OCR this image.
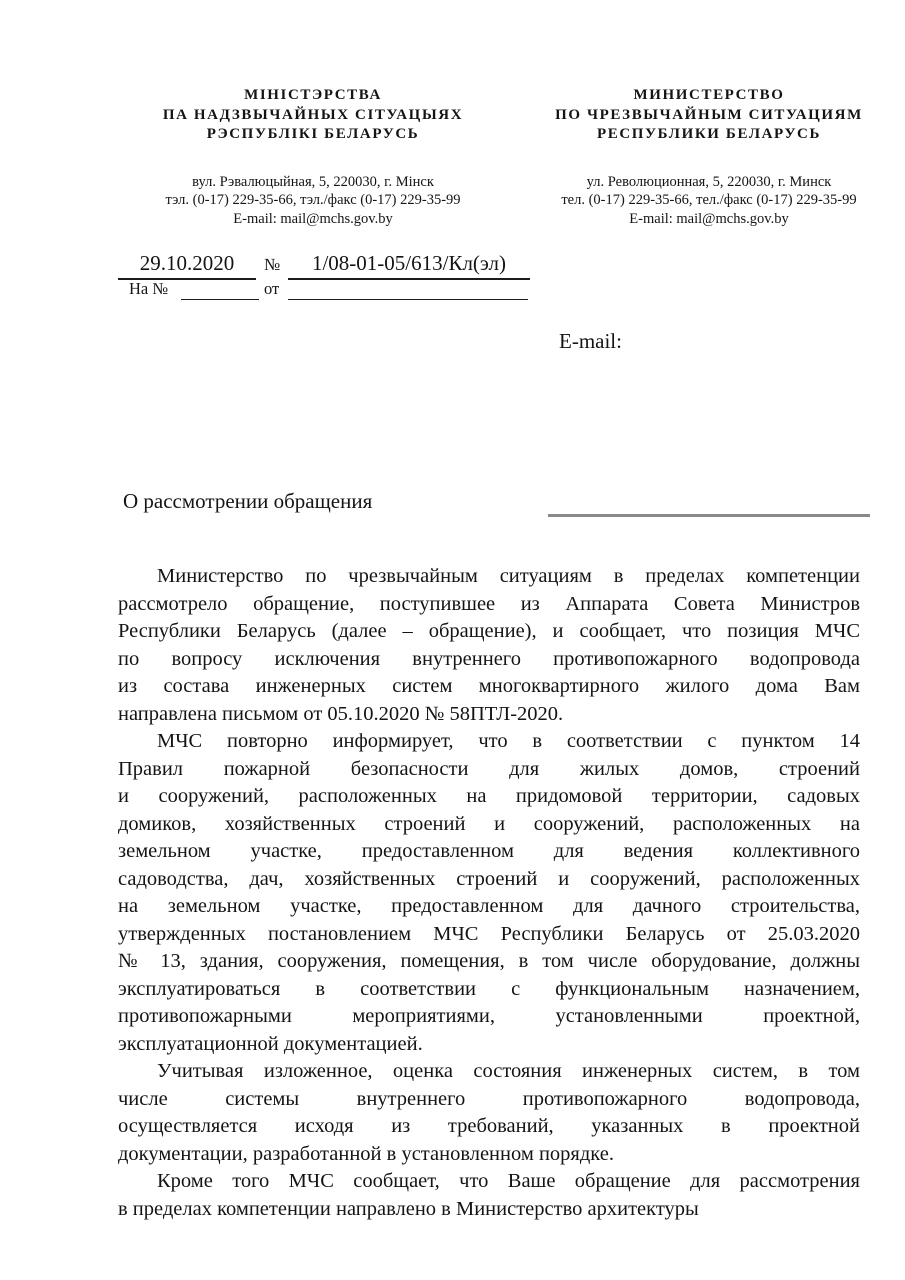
МІНІСТЭРСТВА
ПА НАДЗВЫЧАЙНЫХ СІТУАЦЫЯХ
РЭСПУБЛІКІ БЕЛАРУСЬ
вул. Рэвалюцыйная, 5, 220030, г. Мінск
тэл. (0-17) 229-35-66, тэл./факс (0-17) 229-35-99
E-mail: mail@mchs.gov.by
МИНИСТЕРСТВО
ПО ЧРЕЗВЫЧАЙНЫМ СИТУАЦИЯМ
РЕСПУБЛИКИ БЕЛАРУСЬ
ул. Революционная, 5, 220030, г. Минск
тел. (0-17) 229-35-66, тел./факс (0-17) 229-35-99
E-mail: mail@mchs.gov.by
29.10.2020	№	1/08-01-05/613/Кл(эл)
На №	от
E-mail:
О рассмотрении обращения
Министерство по чрезвычайным ситуациям в пределах компетенции
рассмотрело обращение, поступившее из Аппарата Совета Министров
Республики Беларусь (далее – обращение), и сообщает, что позиция МЧС
по вопросу исключения внутреннего противопожарного водопровода
из состава инженерных систем многоквартирного жилого дома Вам
направлена письмом от 05.10.2020 № 58ПТЛ-2020.
МЧС повторно информирует, что в соответствии с пунктом 14
Правил пожарной безопасности для жилых домов, строений
и сооружений, расположенных на придомовой территории, садовых
домиков, хозяйственных строений и сооружений, расположенных на
земельном участке, предоставленном для ведения коллективного
садоводства, дач, хозяйственных строений и сооружений, расположенных
на земельном участке, предоставленном для дачного строительства,
утвержденных постановлением МЧС Республики Беларусь от 25.03.2020
№ 13, здания, сооружения, помещения, в том числе оборудование, должны
эксплуатироваться в соответствии с функциональным назначением,
противопожарными мероприятиями, установленными проектной,
эксплуатационной документацией.
Учитывая изложенное, оценка состояния инженерных систем, в том
числе системы внутреннего противопожарного водопровода,
осуществляется исходя из требований, указанных в проектной
документации, разработанной в установленном порядке.
Кроме того МЧС сообщает, что Ваше обращение для рассмотрения
в пределах компетенции направлено в Министерство архитектуры
